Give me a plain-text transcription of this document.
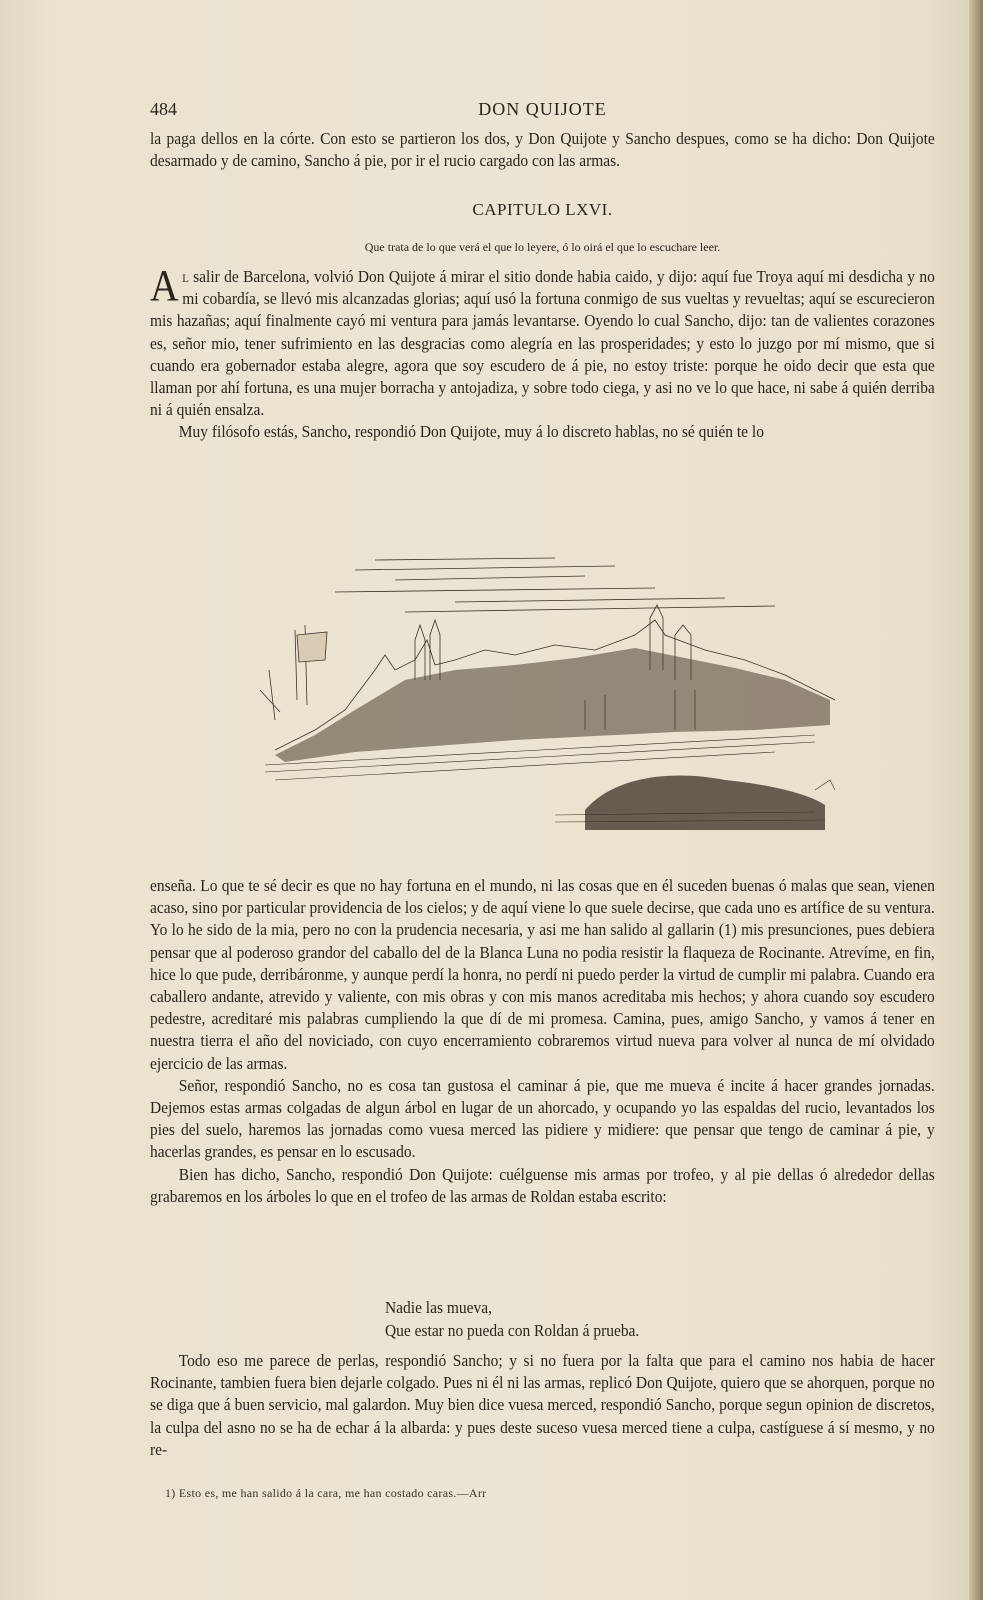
484	DON QUIJOTE

la paga dellos en la córte. Con esto se partieron los dos, y Don Quijote y Sancho despues, como se ha dicho: Don Quijote desarmado y de camino, Sancho á pie, por ir el rucio cargado con las armas.

CAPITULO LXVI.
Que trata de lo que verá el que lo leyere, ó lo oirá el que lo escuchare leer.

Al salir de Barcelona, volvió Don Quijote á mirar el sitio donde habia caido, y dijo: aquí fue Troya aquí mi desdicha y no mi cobardía, se llevó mis alcanzadas glorias; aquí usó la fortuna conmigo de sus vueltas y revueltas; aquí se escurecieron mis hazañas; aquí finalmente cayó mi ventura para jamás levantarse. Oyendo lo cual Sancho, dijo: tan de valientes corazones es, señor mio, tener sufrimiento en las desgracias como alegría en las prosperidades; y esto lo juzgo por mí mismo, que si cuando era gobernador estaba alegre, agora que soy escudero de á pie, no estoy triste: porque he oido decir que esta que llaman por ahí fortuna, es una mujer borracha y antojadiza, y sobre todo ciega, y asi no ve lo que hace, ni sabe á quién derriba ni á quién ensalza.

Muy filósofo estás, Sancho, respondió Don Quijote, muy á lo discreto hablas, no sé quién te lo

enseña. Lo que te sé decir es que no hay fortuna en el mundo, ni las cosas que en él suceden buenas ó malas que sean, vienen acaso, sino por particular providencia de los cielos; y de aquí viene lo que suele decirse, que cada uno es artífice de su ventura. Yo lo he sido de la mia, pero no con la prudencia necesaria, y asi me han salido al gallarin (1) mis presunciones, pues debiera pensar que al poderoso grandor del caballo del de la Blanca Luna no podia resistir la flaqueza de Rocinante. Atrevíme, en fin, hice lo que pude, derribáronme, y aunque perdí la honra, no perdí ni puedo perder la virtud de cumplir mi palabra. Cuando era caballero andante, atrevido y valiente, con mis obras y con mis manos acreditaba mis hechos; y ahora cuando soy escudero pedestre, acreditaré mis palabras cumpliendo la que dí de mi promesa. Camina, pues, amigo Sancho, y vamos á tener en nuestra tierra el año del noviciado, con cuyo encerramiento cobraremos virtud nueva para volver al nunca de mí olvidado ejercicio de las armas.

Señor, respondió Sancho, no es cosa tan gustosa el caminar á pie, que me mueva é incite á hacer grandes jornadas. Dejemos estas armas colgadas de algun árbol en lugar de un ahorcado, y ocupando yo las espaldas del rucio, levantados los pies del suelo, haremos las jornadas como vuesa merced las pidiere y midiere: que pensar que tengo de caminar á pie, y hacerlas grandes, es pensar en lo escusado.

Bien has dicho, Sancho, respondió Don Quijote: cuélguense mis armas por trofeo, y al pie dellas ó alrededor dellas grabaremos en los árboles lo que en el trofeo de las armas de Roldan estaba escrito:

Nadie las mueva,
Que estar no pueda con Roldan á prueba.

Todo eso me parece de perlas, respondió Sancho; y si no fuera por la falta que para el camino nos habia de hacer Rocinante, tambien fuera bien dejarle colgado. Pues ni él ni las armas, replicó Don Quijote, quiero que se ahorquen, porque no se diga que á buen servicio, mal galardon. Muy bien dice vuesa merced, respondió Sancho, porque segun opinion de discretos, la culpa del asno no se ha de echar á la albarda: y pues deste suceso vuesa merced tiene a culpa, castíguese á sí mesmo, y no re-

1) Esto es, me han salido á la cara, me han costado caras.—Arr
